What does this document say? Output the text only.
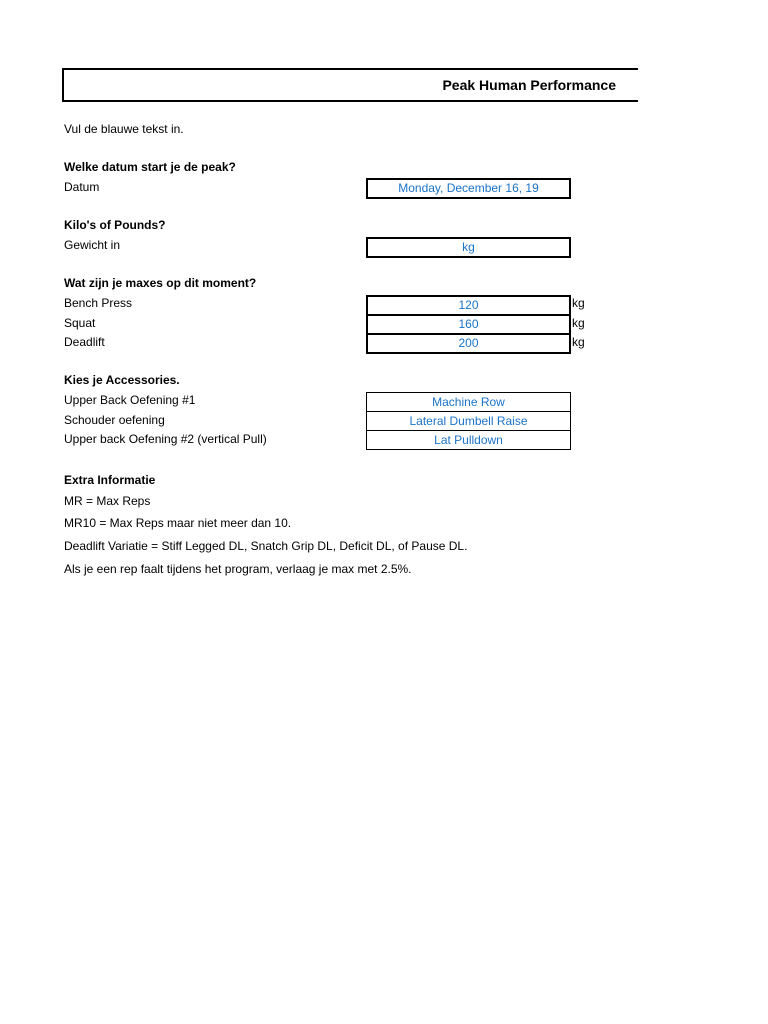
Peak Human Performance
Vul de blauwe tekst in.
Welke datum start je de peak?
Datum	Monday, December 16, 19
Kilo's of Pounds?
Gewicht in	kg
Wat zijn je maxes op dit moment?
Bench Press	120	kg
Squat	160	kg
Deadlift	200	kg
Kies je Accessories.
Upper Back Oefening #1	Machine Row
Schouder oefening	Lateral Dumbell Raise
Upper back Oefening #2 (vertical Pull)	Lat Pulldown
Extra Informatie
MR = Max Reps
MR10 = Max Reps maar niet meer dan 10.
Deadlift Variatie = Stiff Legged DL, Snatch Grip DL, Deficit DL, of Pause DL.
Als je een rep faalt tijdens het program, verlaag je max met 2.5%.
